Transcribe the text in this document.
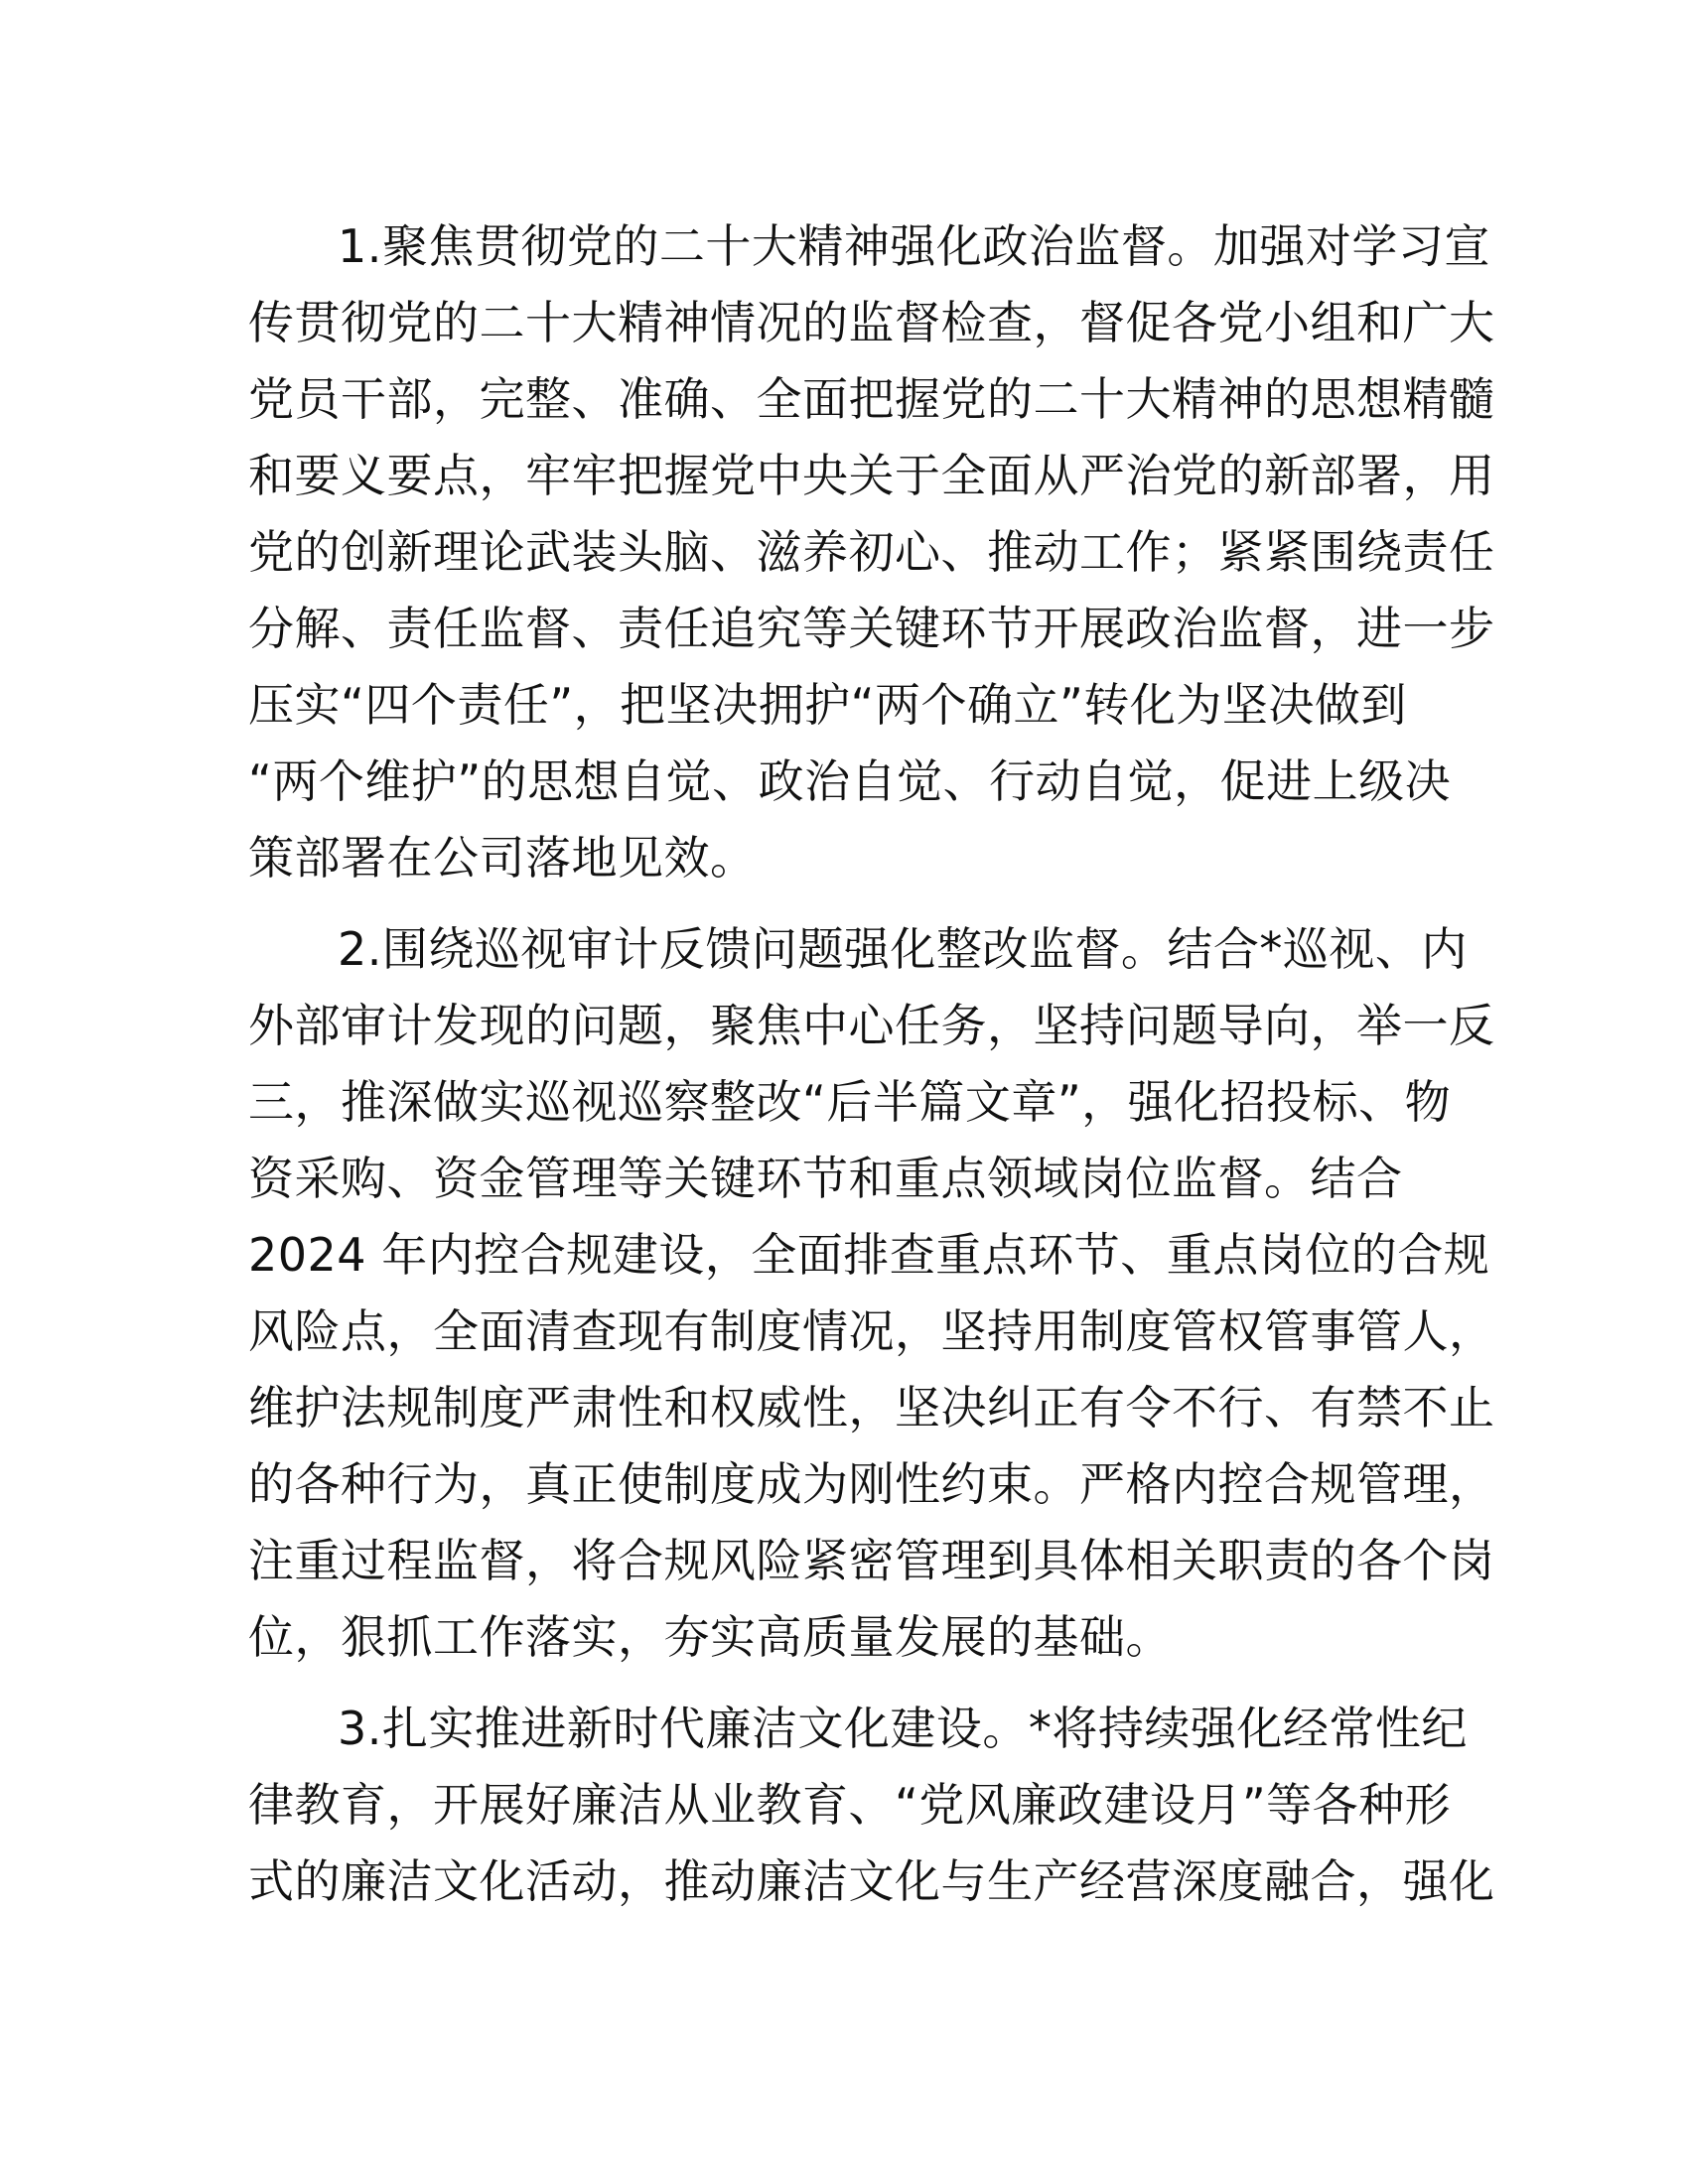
1.聚焦贯彻党的二十大精神强化政治监督。加强对学习宣
传贯彻党的二十大精神情况的监督检查，督促各党小组和广大
党员干部，完整、准确、全面把握党的二十大精神的思想精髓
和要义要点，牢牢把握党中央关于全面从严治党的新部署，用
党的创新理论武装头脑、滋养初心、推动工作；紧紧围绕责任
分解、责任监督、责任追究等关键环节开展政治监督，进一步
压实“四个责任”，把坚决拥护“两个确立”转化为坚决做到
“两个维护”的思想自觉、政治自觉、行动自觉，促进上级决
策部署在公司落地见效。
2.围绕巡视审计反馈问题强化整改监督。结合*巡视、内
外部审计发现的问题，聚焦中心任务，坚持问题导向，举一反
三，推深做实巡视巡察整改“后半篇文章”，强化招投标、物
资采购、资金管理等关键环节和重点领域岗位监督。结合
2024 年内控合规建设，全面排查重点环节、重点岗位的合规
风险点，全面清查现有制度情况，坚持用制度管权管事管人，
维护法规制度严肃性和权威性，坚决纠正有令不行、有禁不止
的各种行为，真正使制度成为刚性约束。严格内控合规管理，
注重过程监督，将合规风险紧密管理到具体相关职责的各个岗
位，狠抓工作落实，夯实高质量发展的基础。
3.扎实推进新时代廉洁文化建设。*将持续强化经常性纪
律教育，开展好廉洁从业教育、“党风廉政建设月”等各种形
式的廉洁文化活动，推动廉洁文化与生产经营深度融合，强化
